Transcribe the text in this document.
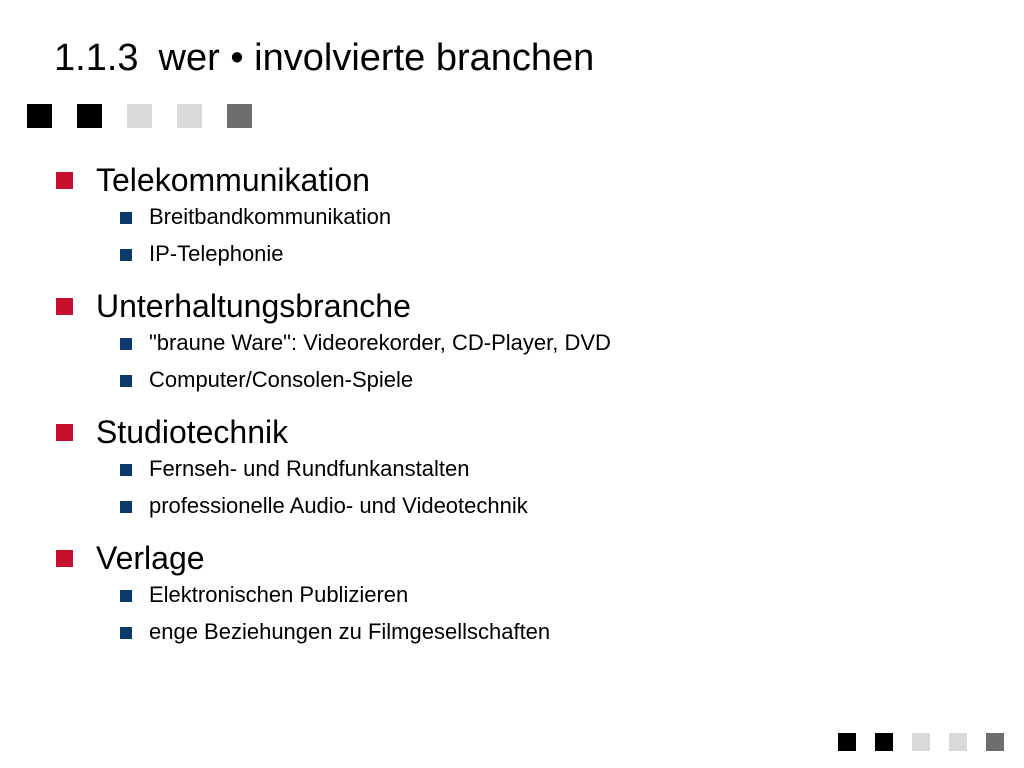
1.1.3 wer • involvierte branchen
Telekommunikation
Breitbandkommunikation
IP-Telephonie
Unterhaltungsbranche
"braune Ware": Videorekorder, CD-Player, DVD
Computer/Consolen-Spiele
Studiotechnik
Fernseh- und Rundfunkanstalten
professionelle Audio- und Videotechnik
Verlage
Elektronischen Publizieren
enge Beziehungen zu Filmgesellschaften
